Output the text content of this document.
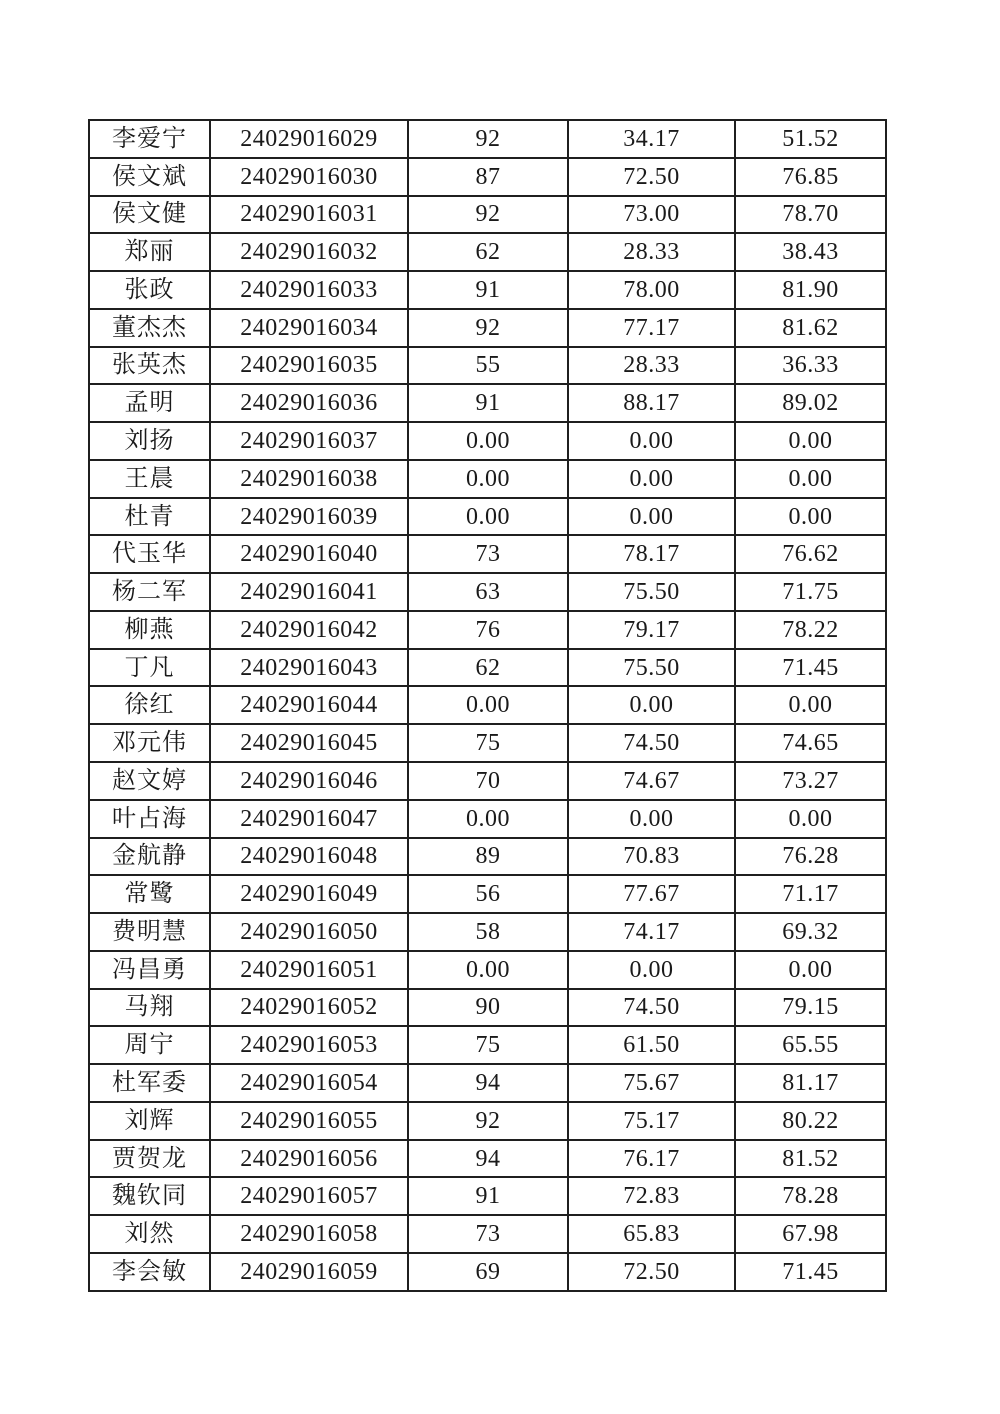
李爱宁	24029016029	92	34.17	51.52
侯文斌	24029016030	87	72.50	76.85
侯文健	24029016031	92	73.00	78.70
郑丽	24029016032	62	28.33	38.43
张政	24029016033	91	78.00	81.90
董杰杰	24029016034	92	77.17	81.62
张英杰	24029016035	55	28.33	36.33
孟明	24029016036	91	88.17	89.02
刘扬	24029016037	0.00	0.00	0.00
王晨	24029016038	0.00	0.00	0.00
杜青	24029016039	0.00	0.00	0.00
代玉华	24029016040	73	78.17	76.62
杨二军	24029016041	63	75.50	71.75
柳燕	24029016042	76	79.17	78.22
丁凡	24029016043	62	75.50	71.45
徐红	24029016044	0.00	0.00	0.00
邓元伟	24029016045	75	74.50	74.65
赵文婷	24029016046	70	74.67	73.27
叶占海	24029016047	0.00	0.00	0.00
金航静	24029016048	89	70.83	76.28
常鹭	24029016049	56	77.67	71.17
费明慧	24029016050	58	74.17	69.32
冯昌勇	24029016051	0.00	0.00	0.00
马翔	24029016052	90	74.50	79.15
周宁	24029016053	75	61.50	65.55
杜军委	24029016054	94	75.67	81.17
刘辉	24029016055	92	75.17	80.22
贾贺龙	24029016056	94	76.17	81.52
魏钦同	24029016057	91	72.83	78.28
刘然	24029016058	73	65.83	67.98
李会敏	24029016059	69	72.50	71.45
